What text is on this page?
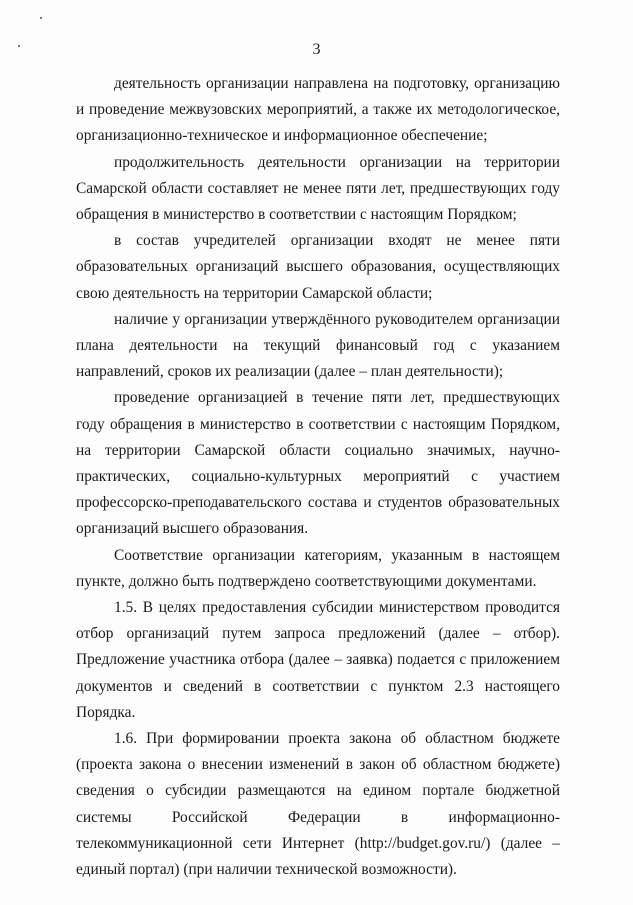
3

деятельность организации направлена на подготовку, организацию и проведение межвузовских мероприятий, а также их методологическое, организационно-техническое и информационное обеспечение;

продолжительность деятельности организации на территории Самарской области составляет не менее пяти лет, предшествующих году обращения в министерство в соответствии с настоящим Порядком;

в состав учредителей организации входят не менее пяти образовательных организаций высшего образования, осуществляющих свою деятельность на территории Самарской области;

наличие у организации утверждённого руководителем организации плана деятельности на текущий финансовый год с указанием направлений, сроков их реализации (далее – план деятельности);

проведение организацией в течение пяти лет, предшествующих году обращения в министерство в соответствии с настоящим Порядком, на территории Самарской области социально значимых, научно-практических, социально-культурных мероприятий с участием профессорско-преподавательского состава и студентов образовательных организаций высшего образования.

Соответствие организации категориям, указанным в настоящем пункте, должно быть подтверждено соответствующими документами.

1.5. В целях предоставления субсидии министерством проводится отбор организаций путем запроса предложений (далее – отбор). Предложение участника отбора (далее – заявка) подается с приложением документов и сведений в соответствии с пунктом 2.3 настоящего Порядка.

1.6. При формировании проекта закона об областном бюджете (проекта закона о внесении изменений в закон об областном бюджете) сведения о субсидии размещаются на едином портале бюджетной системы Российской Федерации в информационно-телекоммуникационной сети Интернет (http://budget.gov.ru/) (далее – единый портал) (при наличии технической возможности).
